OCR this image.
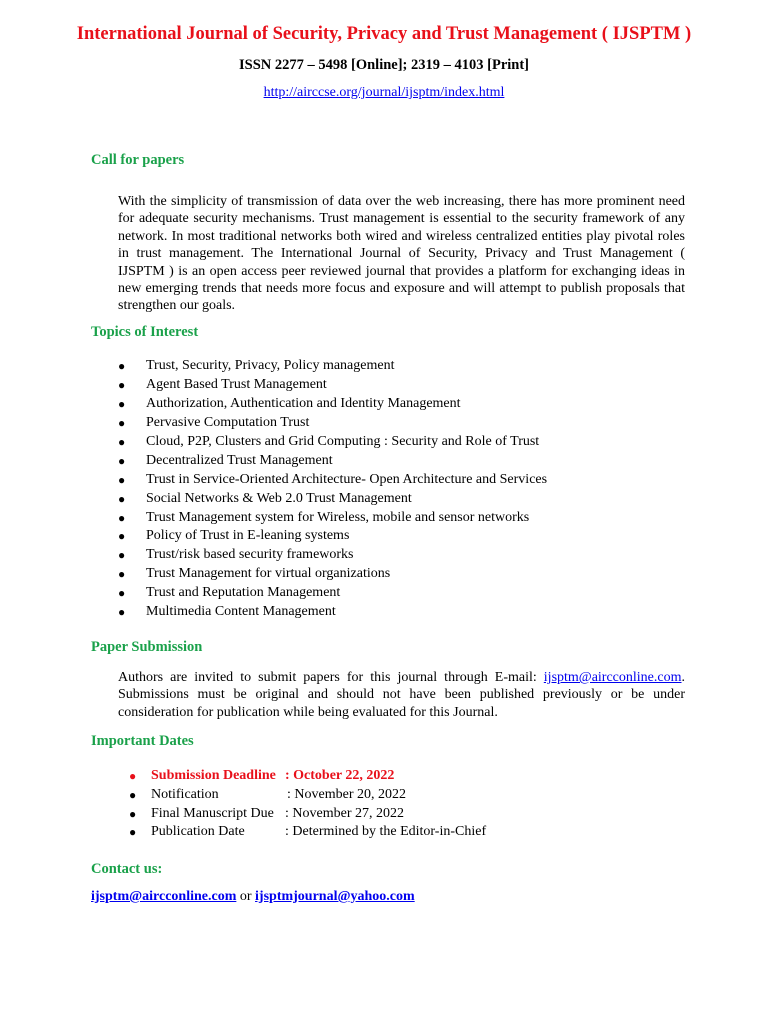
International Journal of Security, Privacy and Trust Management ( IJSPTM )
ISSN 2277 – 5498 [Online]; 2319 – 4103 [Print]
http://airccse.org/journal/ijsptm/index.html
Call for papers
With the simplicity of transmission of data over the web increasing, there has more prominent need for adequate security mechanisms. Trust management is essential to the security framework of any network. In most traditional networks both wired and wireless centralized entities play pivotal roles in trust management. The International Journal of Security, Privacy and Trust Management ( IJSPTM ) is an open access peer reviewed journal that provides a platform for exchanging ideas in new emerging trends that needs more focus and exposure and will attempt to publish proposals that strengthen our goals.
Topics of Interest
● Trust, Security, Privacy, Policy management
● Agent Based Trust Management
● Authorization, Authentication and Identity Management
● Pervasive Computation Trust
● Cloud, P2P, Clusters and Grid Computing : Security and Role of Trust
● Decentralized Trust Management
● Trust in Service-Oriented Architecture- Open Architecture and Services
● Social Networks & Web 2.0 Trust Management
● Trust Management system for Wireless, mobile and sensor networks
● Policy of Trust in E-leaning systems
● Trust/risk based security frameworks
● Trust Management for virtual organizations
● Trust and Reputation Management
● Multimedia Content Management
Paper Submission
Authors are invited to submit papers for this journal through E-mail: ijsptm@aircconline.com. Submissions must be original and should not have been published previously or be under consideration for publication while being evaluated for this Journal.
Important Dates
● Submission Deadline : October 22, 2022
● Notification	: November 20, 2022
● Final Manuscript Due : November 27, 2022
● Publication Date	: Determined by the Editor-in-Chief
Contact us:
ijsptm@aircconline.com or ijsptmjournal@yahoo.com
